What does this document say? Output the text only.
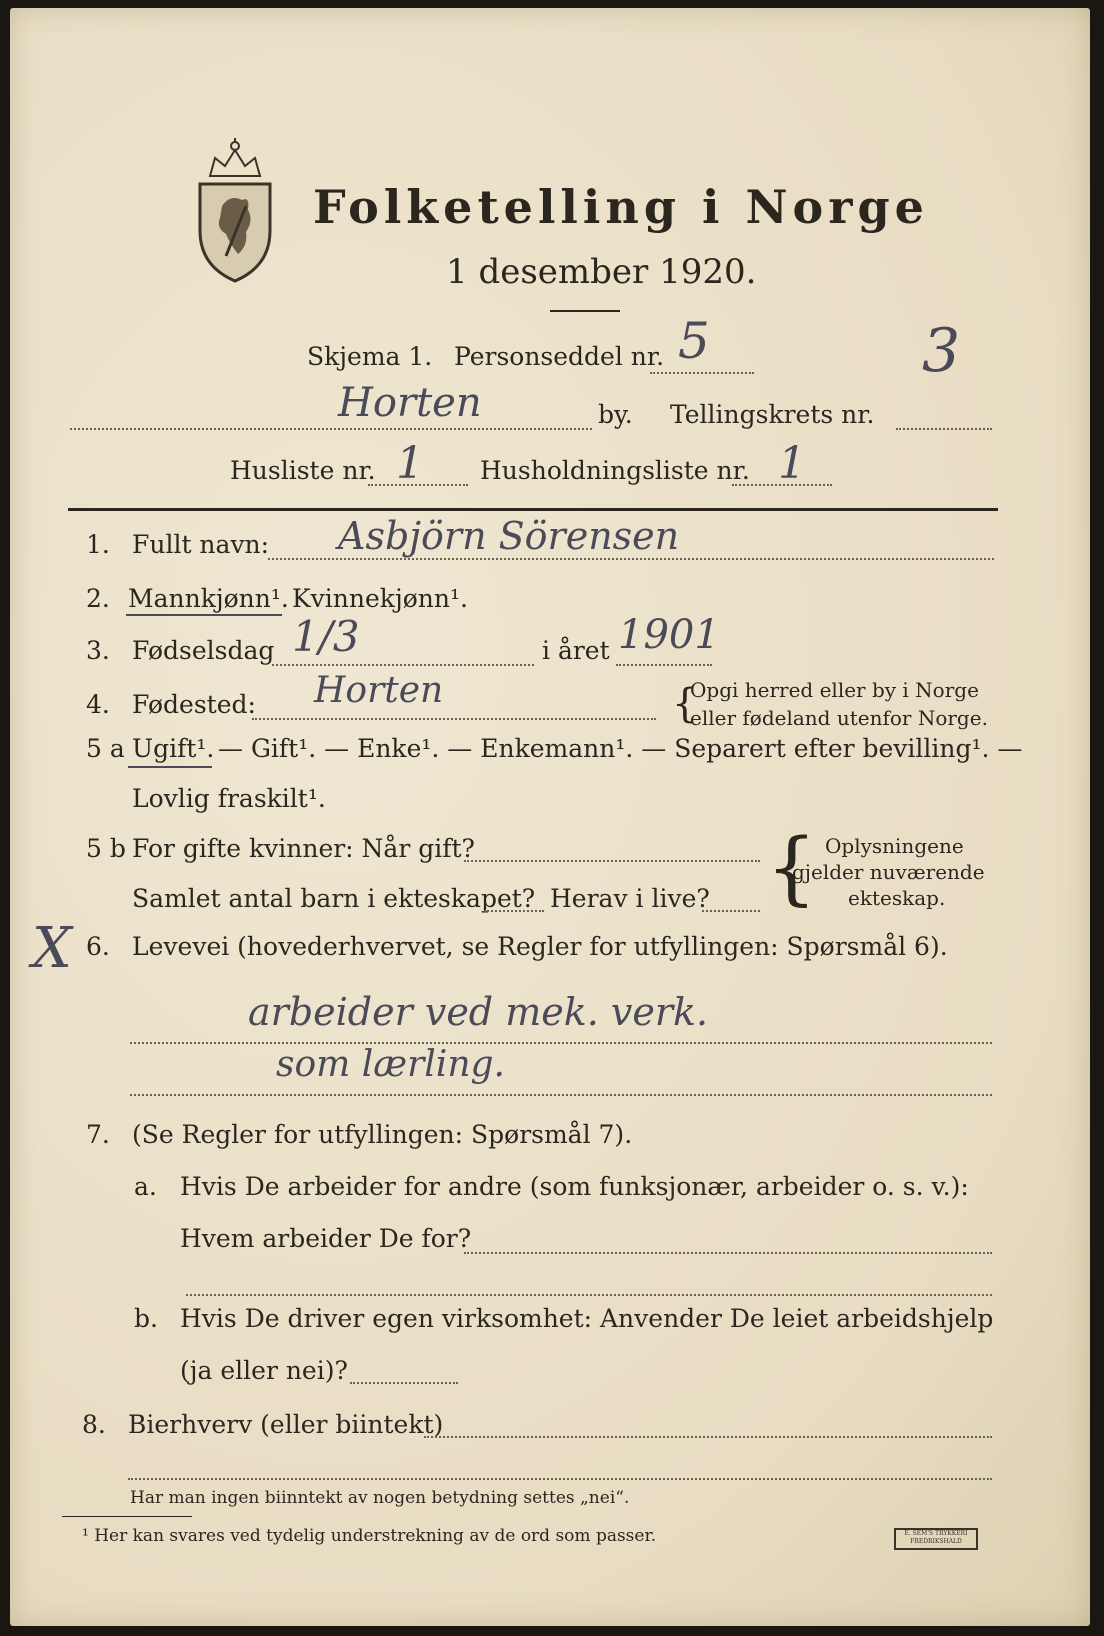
Folketelling i Norge
1 desember 1920.
Skjema 1. Personseddel nr. 5	3
Horten	by. Tellingskrets nr.
Husliste nr. 1 Husholdningsliste nr. 1
1. Fullt navn: Asbjörn Sörensen
2. Mannkjønn¹. Kvinnekjønn¹.
3. Fødselsdag 1/3	i året 1901
4. Fødested: Horten	{
Opgi herred eller by i Norge
eller fødeland utenfor Norge.
5 a Ugift¹. — Gift¹. — Enke¹. — Enkemann¹. — Separert efter bevilling¹. —
Lovlig fraskilt¹.
5 b For gifte kvinner: Når gift?
Samlet antal barn i ekteskapet? Herav i live? { Oplysningene
gjelder nuværende
ekteskap.
X 6. Levevei (hovederhvervet, se Regler for utfyllingen: Spørsmål 6).
arbeider ved mek. verk.
som lærling.
7. (Se Regler for utfyllingen: Spørsmål 7).
a. Hvis De arbeider for andre (som funksjonær, arbeider o. s. v.):
Hvem arbeider De for?
b. Hvis De driver egen virksomhet: Anvender De leiet arbeidshjelp
(ja eller nei)?
8. Bierhverv (eller biintekt)
Har man ingen biinntekt av nogen betydning settes „nei“.
¹ Her kan svares ved tydelig understrekning av de ord som passer.	E. SEM'S TRYKKERI FREDRIKSHALD
